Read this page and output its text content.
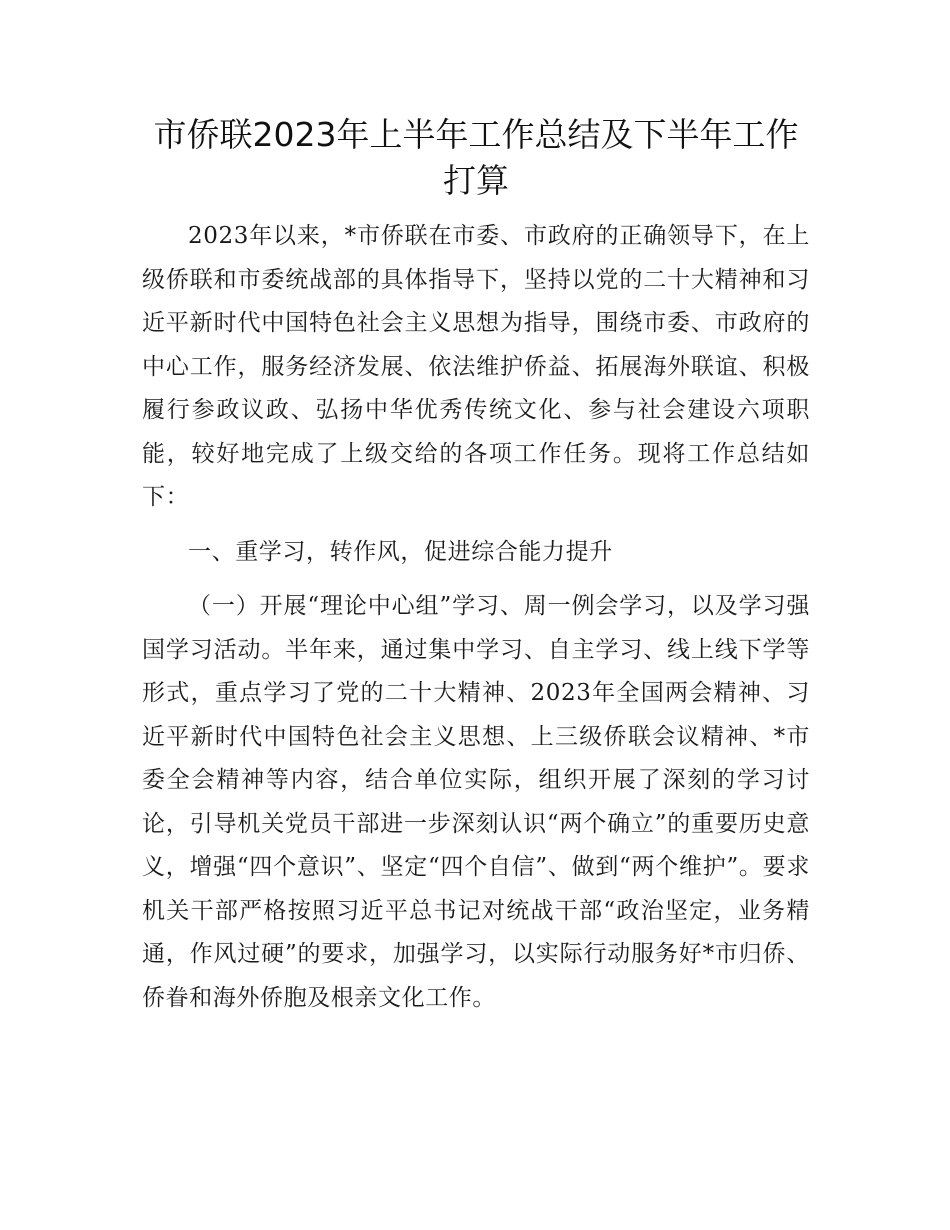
市侨联2023年上半年工作总结及下半年工作打算

2023年以来，*市侨联在市委、市政府的正确领导下，在上级侨联和市委统战部的具体指导下，坚持以党的二十大精神和习近平新时代中国特色社会主义思想为指导，围绕市委、市政府的中心工作，服务经济发展、依法维护侨益、拓展海外联谊、积极履行参政议政、弘扬中华优秀传统文化、参与社会建设六项职能，较好地完成了上级交给的各项工作任务。现将工作总结如下：

一、重学习，转作风，促进综合能力提升

（一）开展“理论中心组”学习、周一例会学习，以及学习强国学习活动。半年来，通过集中学习、自主学习、线上线下学等形式，重点学习了党的二十大精神、2023年全国两会精神、习近平新时代中国特色社会主义思想、上三级侨联会议精神、*市委全会精神等内容，结合单位实际，组织开展了深刻的学习讨论，引导机关党员干部进一步深刻认识“两个确立”的重要历史意义，增强“四个意识”、坚定“四个自信”、做到“两个维护”。要求机关干部严格按照习近平总书记对统战干部“政治坚定，业务精通，作风过硬”的要求，加强学习，以实际行动服务好*市归侨、侨眷和海外侨胞及根亲文化工作。
